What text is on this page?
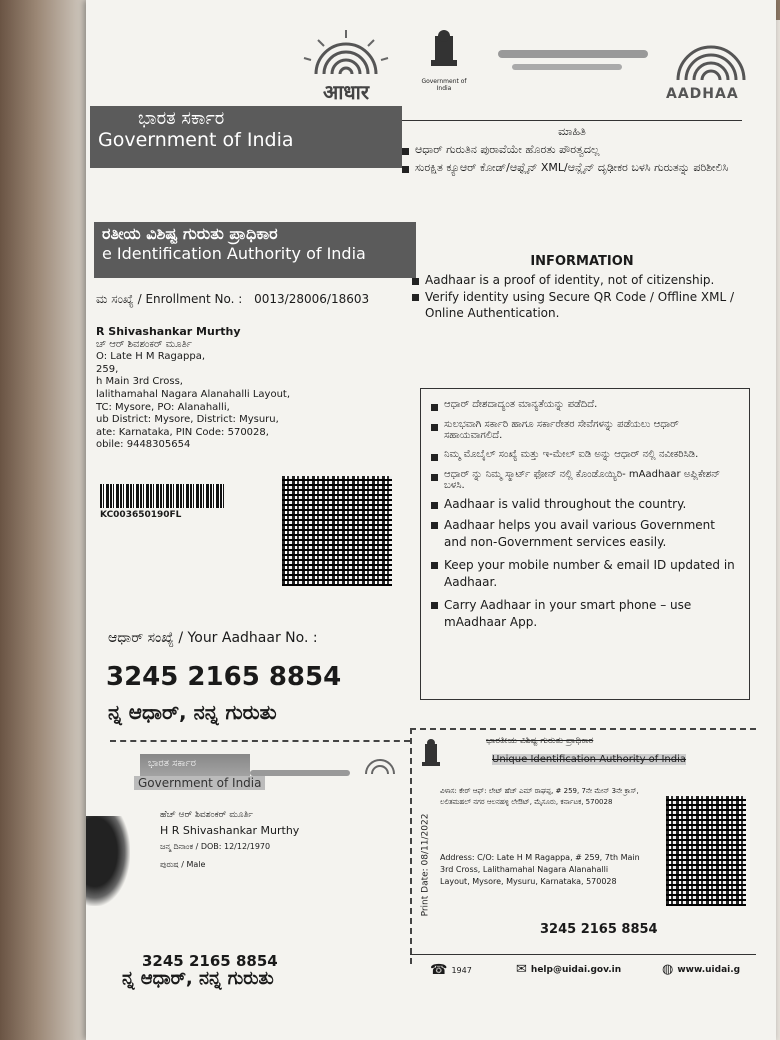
आधार	Government of India	AADHAA
ಭಾರತ ಸರ್ಕಾರ
Government of India
ರತೀಯ ವಿಶಿಷ್ಟ ಗುರುತು ಪ್ರಾಧಿಕಾರ
e Identification Authority of India
ಮಾಹಿತಿ
ಆಧಾರ್ ಗುರುತಿನ ಪುರಾವೆಯೇ ಹೊರತು ಪೌರತ್ವದಲ್ಲ
ಸುರಕ್ಷಿತ ಕ್ಯೂಆರ್ ಕೋಡ್/ಆಫ್ಲೈನ್ XML/ಆನ್ಲೈನ್ ದೃಢೀಕರ ಬಳಸಿ ಗುರುತನ್ನು ಪರಿಶೀಲಿಸಿ
INFORMATION
Aadhaar is a proof of identity, not of citizenship.
Verify identity using Secure QR Code / Offline XML / Online Authentication.
ಮ ಸಂಖ್ಯೆ / Enrollment No. : 0013/28006/18603
R Shivashankar Murthy
ಚ್ ಆರ್ ಶಿವಶಂಕರ್ ಮೂರ್ತಿ
O: Late H M Ragappa,
259,
h Main 3rd Cross,
lalithamahal Nagara Alanahalli Layout,
TC: Mysore, PO: Alanahalli,
ub District: Mysore, District: Mysuru,
ate: Karnataka, PIN Code: 570028,
obile: 9448305654
KC003650190FL
ಆಧಾರ್ ದೇಶದಾದ್ಯಂತ ಮಾನ್ಯತೆಯನ್ನು ಪಡೆದಿದೆ.
ಸುಲಭವಾಗಿ ಸರ್ಕಾರಿ ಹಾಗೂ ಸರ್ಕಾರೇತರ ಸೇವೆಗಳನ್ನು ಪಡೆಯಲು ಆಧಾರ್ ಸಹಾಯವಾಗಲಿದೆ.
ನಿಮ್ಮ ಮೊಬೈಲ್ ಸಂಖ್ಯೆ ಮತ್ತು ಇ-ಮೇಲ್ ಐಡಿ ಅನ್ನು ಆಧಾರ್ ನಲ್ಲಿ ನವೀಕರಿಸಿಡಿ.
ಆಧಾರ್ ನ್ನು ನಿಮ್ಮ ಸ್ಮಾರ್ಟ್ ಫೋನ್ ನಲ್ಲಿ ಕೊಂಡೊಯ್ಯಿರಿ- mAadhaar ಅಪ್ಲಿಕೇಶನ್ ಬಳಸಿ.
Aadhaar is valid throughout the country.
Aadhaar helps you avail various Government and non-Government services easily.
Keep your mobile number & email ID updated in Aadhaar.
Carry Aadhaar in your smart phone – use mAadhaar App.
ಆಧಾರ್ ಸಂಖ್ಯೆ / Your Aadhaar No. :
3245 2165 8854
ನ್ನ ಆಧಾರ್, ನನ್ನ ಗುರುತು
ಭಾರತ ಸರ್ಕಾರ
Government of India
ಹೆಚ್ ಆರ್ ಶಿವಶಂಕರ್ ಮೂರ್ತಿ
H R Shivashankar Murthy
ಜನ್ಮ ದಿನಾಂಕ / DOB: 12/12/1970
ಪುರುಷ / Male
3245 2165 8854
ನ್ನ ಆಧಾರ್, ನನ್ನ ಗುರುತು
ಭಾರತೀಯ ವಿಶಿಷ್ಟ ಗುರುತು ಪ್ರಾಧಿಕಾರ
Unique Identification Authority of India
Print Date: 08/11/2022
ವಿಳಾಸ: ಕೇರ್ ಆಫ್: ಲೇಟ್ ಹೆಚ್ ಎಮ್ ರಾಘಪ್ಪ, # 259, 7ನೇ ಮೇನ್ 3ನೇ ಕ್ರಾಸ್, ಲಲಿತಮಹಲ್ ನಗರ ಆಲನಹಳ್ಳಿ ಲೇಔಟ್, ಮೈಸೂರು, ಕರ್ನಾಟಕ, 570028
Address: C/O: Late H M Ragappa, # 259, 7th Main 3rd Cross, Lalithamahal Nagara Alanahalli Layout, Mysore, Mysuru, Karnataka, 570028
3245 2165 8854
☎ 1947	✉ help@uidai.gov.in	◍ www.uidai.g
